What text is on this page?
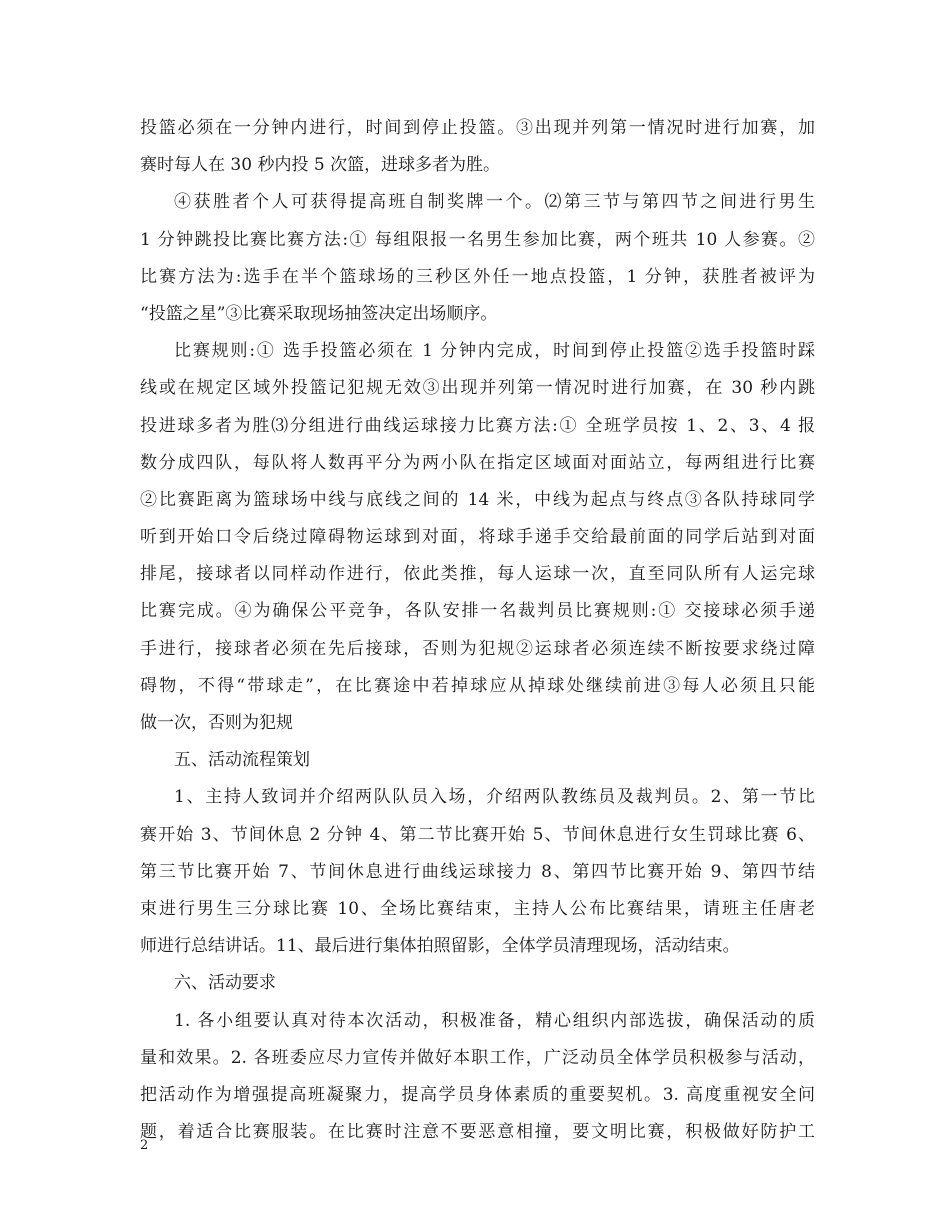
投篮必须在一分钟内进行，时间到停止投篮。③出现并列第一情况时进行加赛，加
赛时每人在 30 秒内投 5 次篮，进球多者为胜。
④获胜者个人可获得提高班自制奖牌一个。⑵第三节与第四节之间进行男生
1 分钟跳投比赛比赛方法:① 每组限报一名男生参加比赛，两个班共 10 人参赛。②
比赛方法为:选手在半个篮球场的三秒区外任一地点投篮，1 分钟，获胜者被评为
“投篮之星”③比赛采取现场抽签决定出场顺序。
比赛规则:① 选手投篮必须在 1 分钟内完成，时间到停止投篮②选手投篮时踩
线或在规定区域外投篮记犯规无效③出现并列第一情况时进行加赛，在 30 秒内跳
投进球多者为胜⑶分组进行曲线运球接力比赛方法:① 全班学员按 1、2、3、4 报
数分成四队，每队将人数再平分为两小队在指定区域面对面站立，每两组进行比赛
②比赛距离为篮球场中线与底线之间的 14 米，中线为起点与终点③各队持球同学
听到开始口令后绕过障碍物运球到对面，将球手递手交给最前面的同学后站到对面
排尾，接球者以同样动作进行，依此类推，每人运球一次，直至同队所有人运完球
比赛完成。④为确保公平竞争，各队安排一名裁判员比赛规则:① 交接球必须手递
手进行，接球者必须在先后接球，否则为犯规②运球者必须连续不断按要求绕过障
碍物，不得“带球走”，在比赛途中若掉球应从掉球处继续前进③每人必须且只能
做一次，否则为犯规
五、活动流程策划
1、主持人致词并介绍两队队员入场，介绍两队教练员及裁判员。2、第一节比
赛开始 3、节间休息 2 分钟 4、第二节比赛开始 5、节间休息进行女生罚球比赛 6、
第三节比赛开始 7、节间休息进行曲线运球接力 8、第四节比赛开始 9、第四节结
束进行男生三分球比赛 10、全场比赛结束，主持人公布比赛结果，请班主任唐老
师进行总结讲话。11、最后进行集体拍照留影，全体学员清理现场，活动结束。
六、活动要求
1. 各小组要认真对待本次活动，积极准备，精心组织内部选拔，确保活动的质
量和效果。2. 各班委应尽力宣传并做好本职工作，广泛动员全体学员积极参与活动，
把活动作为增强提高班凝聚力，提高学员身体素质的重要契机。3. 高度重视安全问
题，着适合比赛服装。在比赛时注意不要恶意相撞，要文明比赛，积极做好防护工
2
